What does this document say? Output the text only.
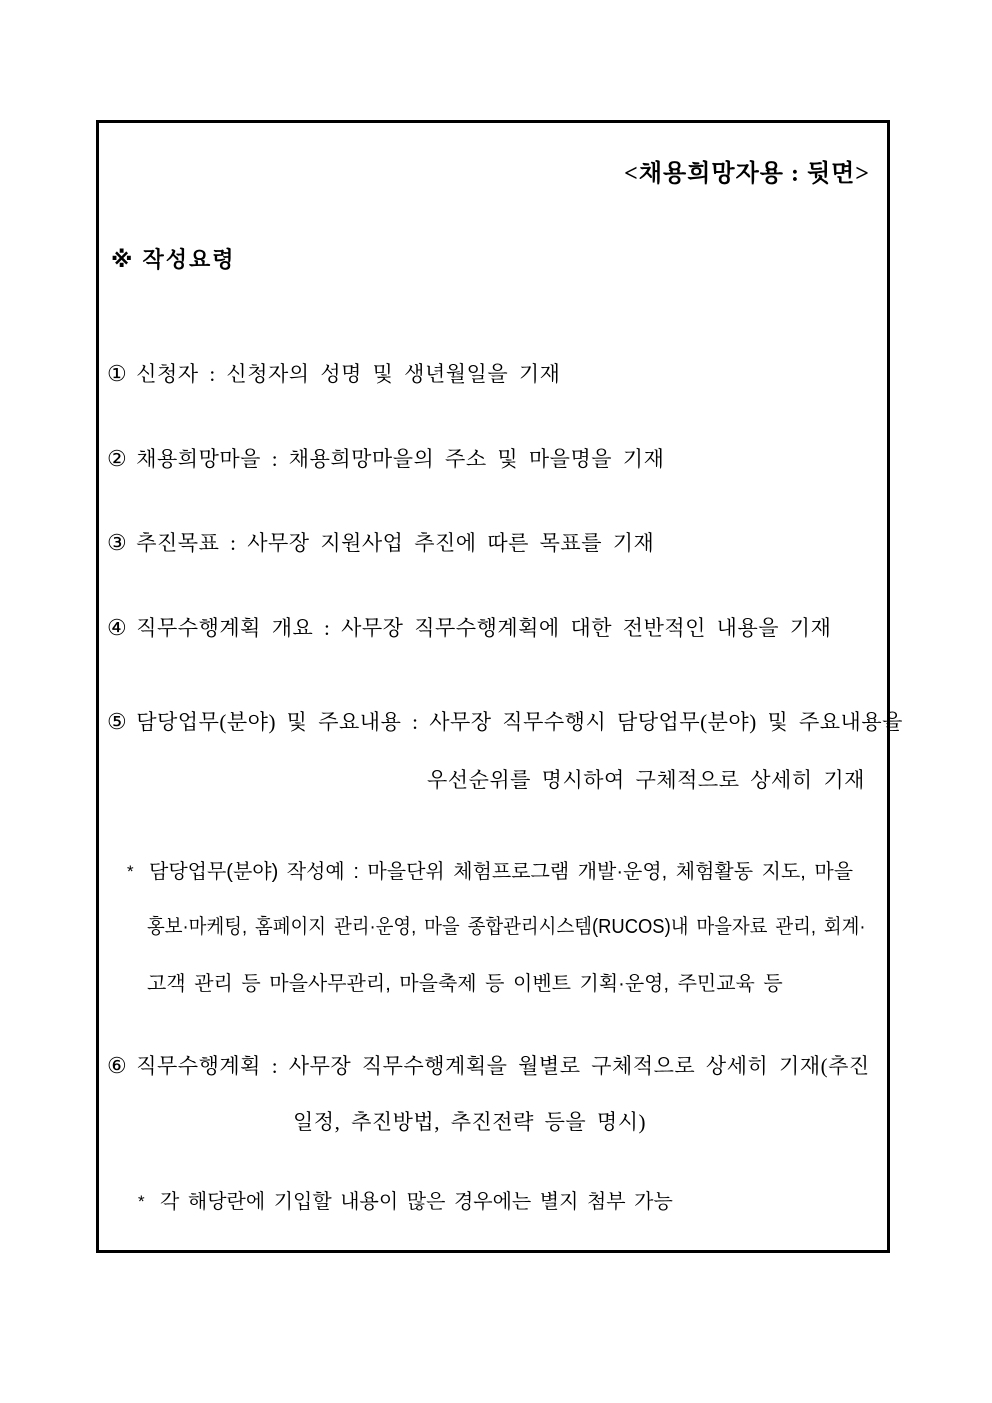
<채용희망자용 : 뒷면>
※ 작성요령
① 신청자 : 신청자의 성명 및 생년월일을 기재
② 채용희망마을 : 채용희망마을의 주소 및 마을명을 기재
③ 추진목표 : 사무장 지원사업 추진에 따른 목표를 기재
④ 직무수행계획 개요 : 사무장 직무수행계획에 대한 전반적인 내용을 기재
⑤ 담당업무(분야) 및 주요내용 : 사무장 직무수행시 담당업무(분야) 및 주요내용을
우선순위를 명시하여 구체적으로 상세히 기재
* 담당업무(분야) 작성예 : 마을단위 체험프로그램 개발·운영, 체험활동 지도, 마을
홍보·마케팅, 홈페이지 관리·운영, 마을 종합관리시스템(RUCOS)내 마을자료 관리, 회계·
고객 관리 등 마을사무관리, 마을축제 등 이벤트 기획·운영, 주민교육 등
⑥ 직무수행계획 : 사무장 직무수행계획을 월별로 구체적으로 상세히 기재(추진
일정, 추진방법, 추진전략 등을 명시)
* 각 해당란에 기입할 내용이 많은 경우에는 별지 첨부 가능
